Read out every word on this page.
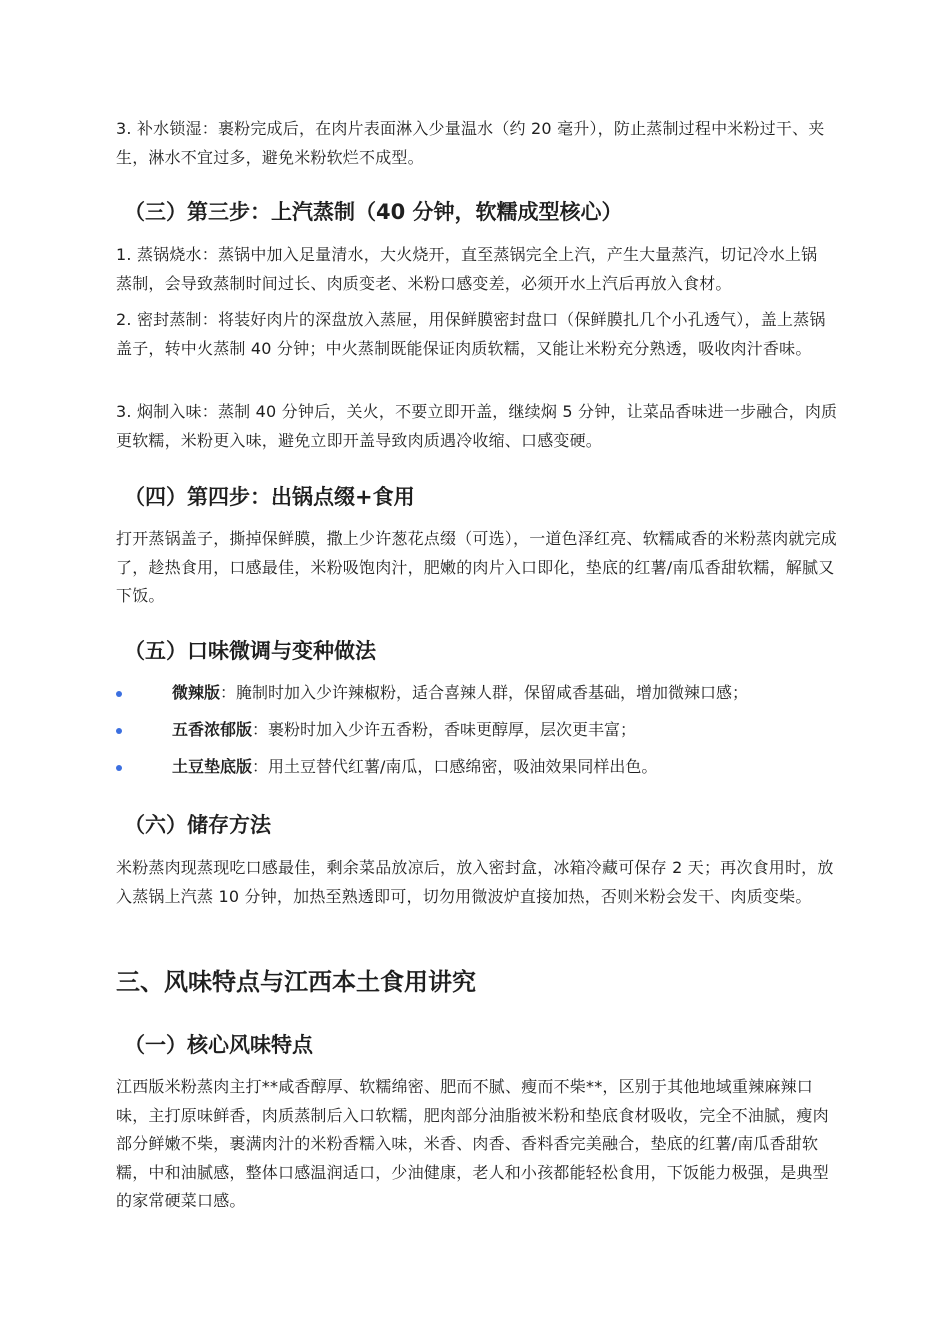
3. 补水锁湿：裹粉完成后，在肉片表面淋入少量温水（约 20 毫升），防止蒸制过程中米粉过干、夹生，淋水不宜过多，避免米粉软烂不成型。

（三）第三步：上汽蒸制（40 分钟，软糯成型核心）

1. 蒸锅烧水：蒸锅中加入足量清水，大火烧开，直至蒸锅完全上汽，产生大量蒸汽，切记冷水上锅蒸制，会导致蒸制时间过长、肉质变老、米粉口感变差，必须开水上汽后再放入食材。

2. 密封蒸制：将装好肉片的深盘放入蒸屉，用保鲜膜密封盘口（保鲜膜扎几个小孔透气），盖上蒸锅盖子，转中火蒸制 40 分钟；中火蒸制既能保证肉质软糯，又能让米粉充分熟透，吸收肉汁香味。

3. 焖制入味：蒸制 40 分钟后，关火，不要立即开盖，继续焖 5 分钟，让菜品香味进一步融合，肉质更软糯，米粉更入味，避免立即开盖导致肉质遇冷收缩、口感变硬。

（四）第四步：出锅点缀+食用

打开蒸锅盖子，撕掉保鲜膜，撒上少许葱花点缀（可选），一道色泽红亮、软糯咸香的米粉蒸肉就完成了，趁热食用，口感最佳，米粉吸饱肉汁，肥嫩的肉片入口即化，垫底的红薯/南瓜香甜软糯，解腻又下饭。

（五）口味微调与变种做法
微辣版：腌制时加入少许辣椒粉，适合喜辣人群，保留咸香基础，增加微辣口感；
五香浓郁版：裹粉时加入少许五香粉，香味更醇厚，层次更丰富；
土豆垫底版：用土豆替代红薯/南瓜，口感绵密，吸油效果同样出色。
（六）储存方法

米粉蒸肉现蒸现吃口感最佳，剩余菜品放凉后，放入密封盒，冰箱冷藏可保存 2 天；再次食用时，放入蒸锅上汽蒸 10 分钟，加热至熟透即可，切勿用微波炉直接加热，否则米粉会发干、肉质变柴。

三、风味特点与江西本土食用讲究
（一）核心风味特点

江西版米粉蒸肉主打**咸香醇厚、软糯绵密、肥而不腻、瘦而不柴**，区别于其他地域重辣麻辣口味，主打原味鲜香，肉质蒸制后入口软糯，肥肉部分油脂被米粉和垫底食材吸收，完全不油腻，瘦肉部分鲜嫩不柴，裹满肉汁的米粉香糯入味，米香、肉香、香料香完美融合，垫底的红薯/南瓜香甜软糯，中和油腻感，整体口感温润适口，少油健康，老人和小孩都能轻松食用，下饭能力极强，是典型的家常硬菜口感。
